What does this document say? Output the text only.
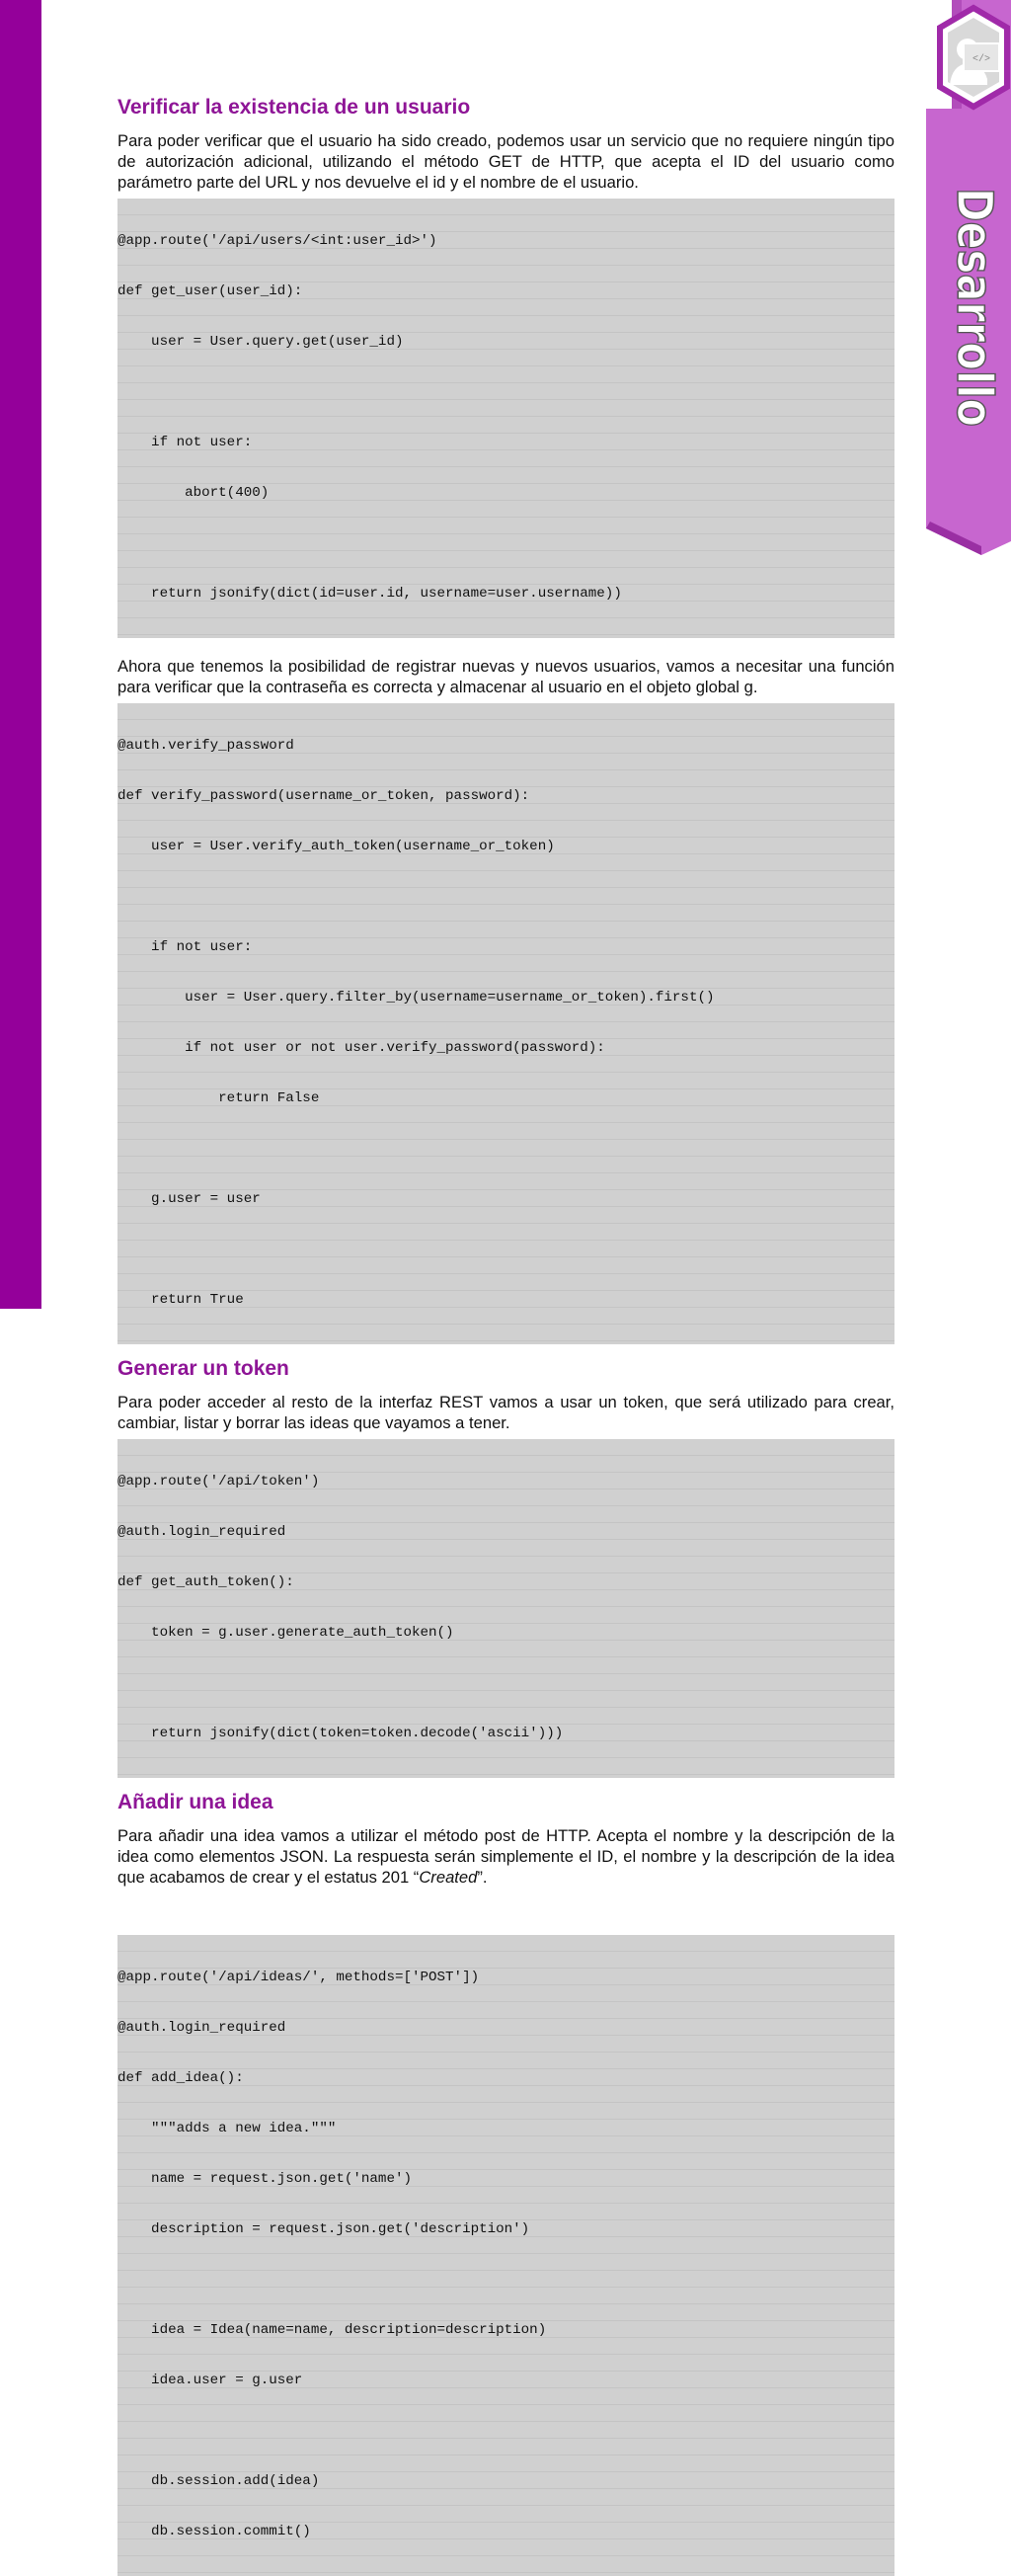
</>
Desarrollo
Verificar la existencia de un usuario

Para poder verificar que el usuario ha sido creado, podemos usar un servicio que no requiere ningún tipo de autorización adicional, utilizando el método GET de HTTP, que acepta el ID del usuario como parámetro parte del URL y nos devuelve el id y el nombre de el usuario.

@app.route('/api/users/<int:user_id>')

def get_user(user_id):

user = User.query.get(user_id)

if not user:

abort(400)

return jsonify(dict(id=user.id, username=user.username))

Ahora que tenemos la posibilidad de registrar nuevas y nuevos usuarios, vamos a necesitar una función para verificar que la contraseña es correcta y almacenar al usuario en el objeto global g.

@auth.verify_password

def verify_password(username_or_token, password):

user = User.verify_auth_token(username_or_token)

if not user:

user = User.query.filter_by(username=username_or_token).first()

if not user or not user.verify_password(password):

return False

g.user = user

return True

Generar un token

Para poder acceder al resto de la interfaz REST vamos a usar un token, que será utilizado para crear, cambiar, listar y borrar las ideas que vayamos a tener.

@app.route('/api/token')

@auth.login_required

def get_auth_token():

token = g.user.generate_auth_token()

return jsonify(dict(token=token.decode('ascii')))

Añadir una idea

Para añadir una idea vamos a utilizar el método post de HTTP. Acepta el nombre y la descripción de la idea como elementos JSON. La respuesta serán simplemente el ID, el nombre y la descripción de la idea que acabamos de crear y el estatus 201 “Created”.

@app.route('/api/ideas/', methods=['POST'])

@auth.login_required

def add_idea():

"""adds a new idea."""

name = request.json.get('name')

description = request.json.get('description')

idea = Idea(name=name, description=description)

idea.user = g.user

db.session.add(idea)

db.session.commit()
